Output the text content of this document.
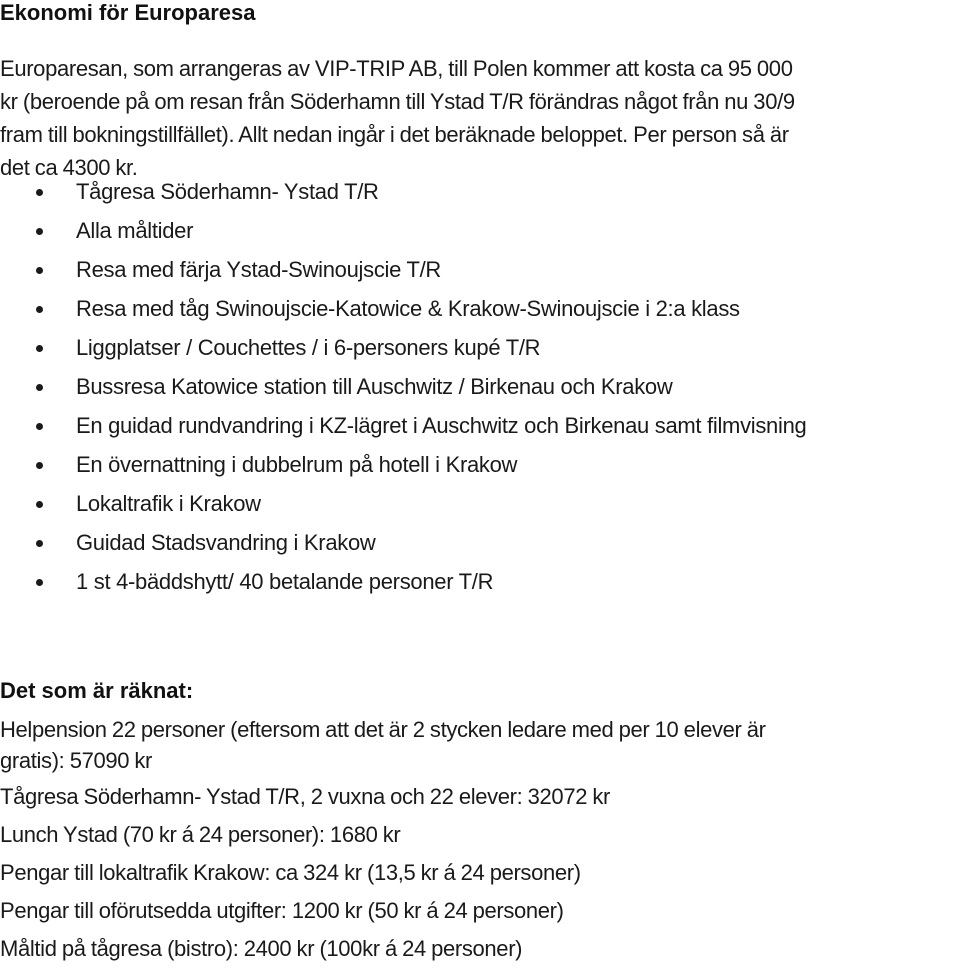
Ekonomi för Europaresa

Europaresan, som arrangeras av VIP-TRIP AB, till Polen kommer att kosta ca 95 000
kr (beroende på om resan från Söderhamn till Ystad T/R förändras något från nu 30/9
fram till bokningstillfället). Allt nedan ingår i det beräknade beloppet. Per person så är
det ca 4300 kr.

Tågresa Söderhamn- Ystad T/R
Alla måltider
Resa med färja Ystad-Swinoujscie T/R
Resa med tåg Swinoujscie-Katowice & Krakow-Swinoujscie i 2:a klass
Liggplatser / Couchettes / i 6-personers kupé T/R
Bussresa Katowice station till Auschwitz / Birkenau och Krakow
En guidad rundvandring i KZ-lägret i Auschwitz och Birkenau samt filmvisning
En övernattning i dubbelrum på hotell i Krakow
Lokaltrafik i Krakow
Guidad Stadsvandring i Krakow
1 st 4-bäddshytt/ 40 betalande personer T/R
Det som är räknat:
Helpension 22 personer (eftersom att det är 2 stycken ledare med per 10 elever är
gratis): 57090 kr
Tågresa Söderhamn- Ystad T/R, 2 vuxna och 22 elever: 32072 kr
Lunch Ystad (70 kr á 24 personer): 1680 kr
Pengar till lokaltrafik Krakow: ca 324 kr (13,5 kr á 24 personer)
Pengar till oförutsedda utgifter: 1200 kr (50 kr á 24 personer)
Måltid på tågresa (bistro): 2400 kr (100kr á 24 personer)
